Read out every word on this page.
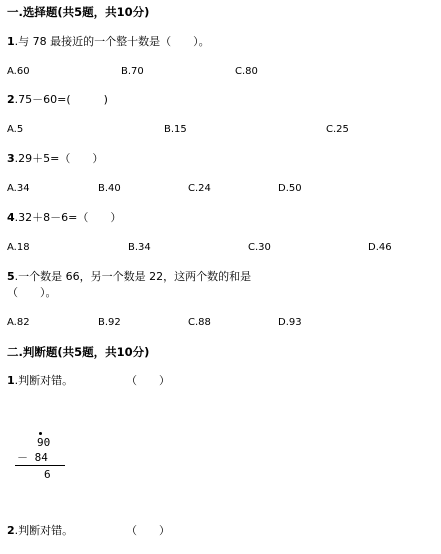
一.选择题(共5题，共10分)
1.与 78 最接近的一个整十数是（　　）。
A.60	B.70	C.80
2.75－60=(　　　)
A.5	B.15	C.25
3.29＋5=（　　）
A.34	B.40	C.24	D.50
4.32＋8－6=（　　）
A.18	B.34	C.30	D.46
5.一个数是 66，另一个数是 22，这两个数的和是
（　　）。
A.82	B.92	C.88	D.93
二.判断题(共5题，共10分)
1.判断对错。	（　　）
90
－ 84
6
2.判断对错。	（　　）
